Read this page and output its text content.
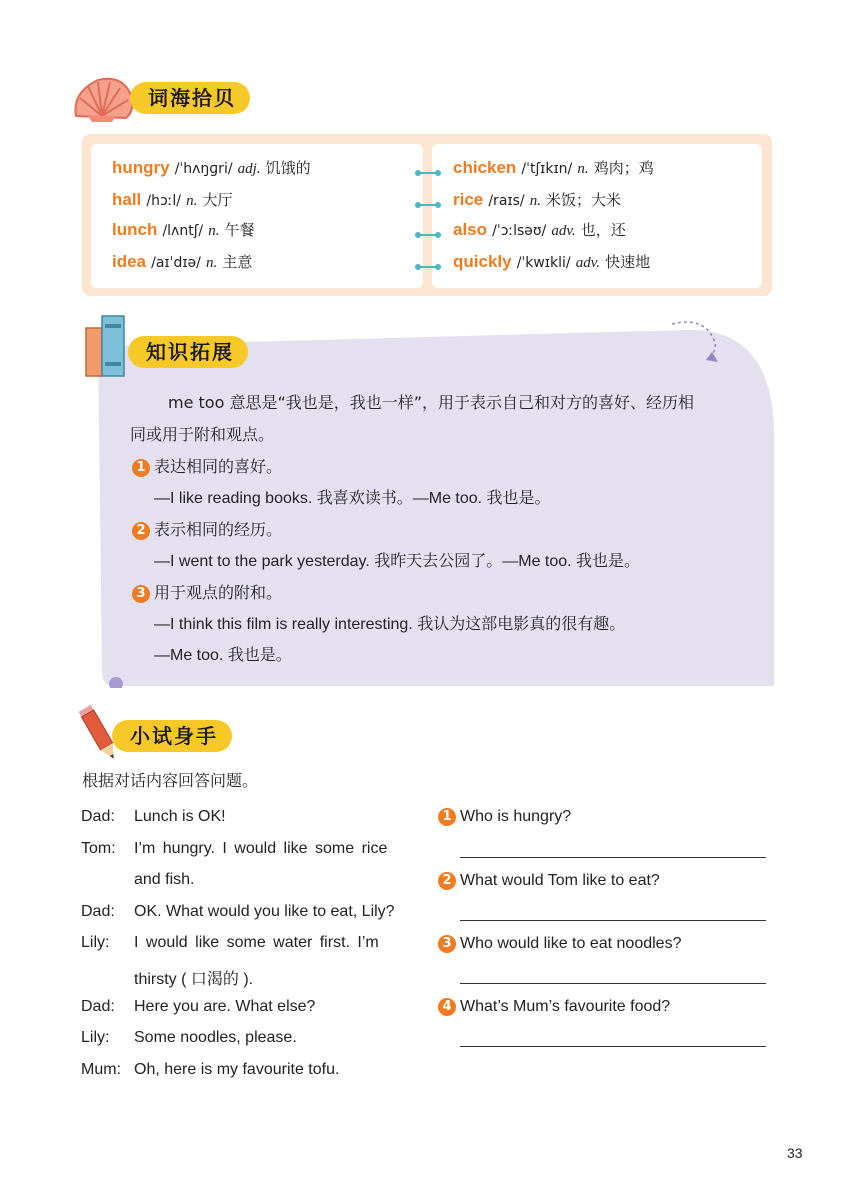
词海拾贝
hungry /ˈhʌŋɡri/ adj. 饥饿的
hall /hɔːl/ n. 大厅
lunch /lʌntʃ/ n. 午餐
idea /aɪˈdɪə/ n. 主意
chicken /ˈtʃɪkɪn/ n. 鸡肉；鸡
rice /raɪs/ n. 米饭；大米
also /ˈɔːlsəʊ/ adv. 也，还
quickly /ˈkwɪkli/ adv. 快速地
知识拓展
me too 意思是“我也是，我也一样”，用于表示自己和对方的喜好、经历相
同或用于附和观点。
1 表达相同的喜好。
—I like reading books. 我喜欢读书。—Me too. 我也是。
2 表示相同的经历。
—I went to the park yesterday. 我昨天去公园了。—Me too. 我也是。
3 用于观点的附和。
—I think this film is really interesting. 我认为这部电影真的很有趣。
—Me too. 我也是。
小试身手
根据对话内容回答问题。
Dad: Lunch is OK!
Tom: I’m hungry. I would like some rice
and fish.
Dad: OK. What would you like to eat, Lily?
Lily: I would like some water first. I’m
thirsty ( 口渴的 ).
Dad: Here you are. What else?
Lily: Some noodles, please.
Mum: Oh, here is my favourite tofu.
1 Who is hungry?
2 What would Tom like to eat?
3 Who would like to eat noodles?
4 What’s Mum’s favourite food?
33
